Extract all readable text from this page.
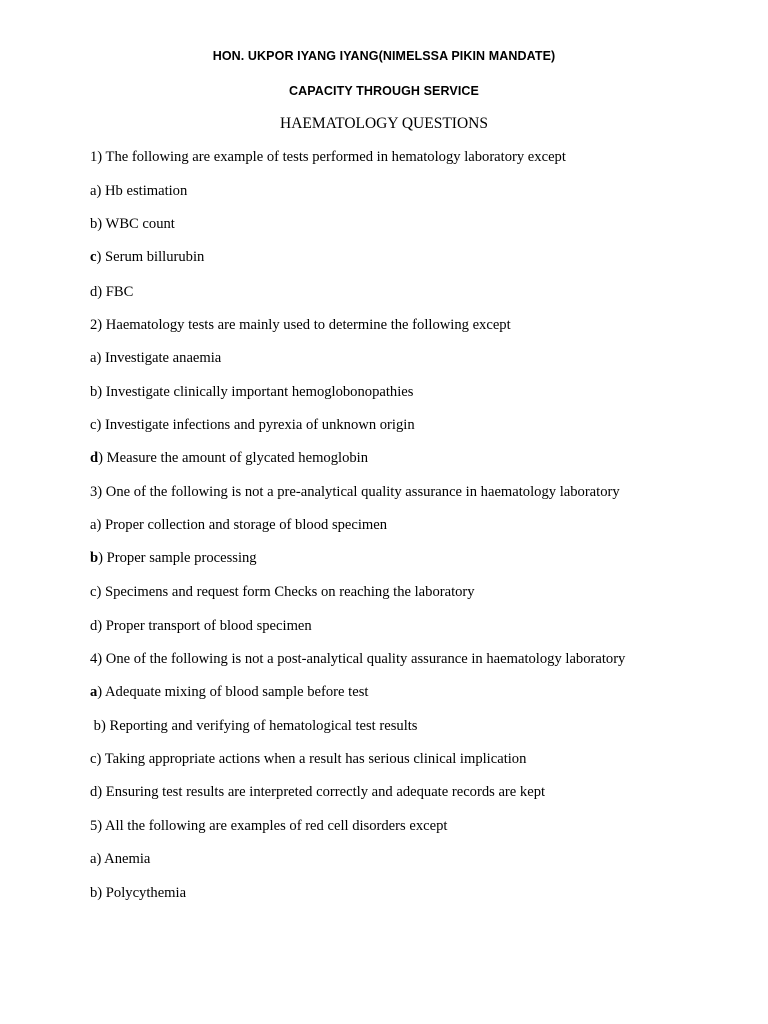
HON. UKPOR IYANG IYANG(NIMELSSA PIKIN MANDATE)
CAPACITY THROUGH SERVICE
HAEMATOLOGY QUESTIONS
1) The following are example of tests performed in hematology laboratory except
a) Hb estimation
b) WBC count
c) Serum billurubin
d) FBC
2) Haematology tests are mainly used to determine the following except
a) Investigate anaemia
b) Investigate clinically important hemoglobonopathies
c) Investigate infections and pyrexia of unknown origin
d) Measure the amount of glycated hemoglobin
3) One of the following is not a pre-analytical quality assurance in haematology laboratory
a) Proper collection and storage of blood specimen
b) Proper sample processing
c) Specimens and request form Checks on reaching the laboratory
d) Proper transport of blood specimen
4) One of the following is not a post-analytical quality assurance in haematology laboratory
a) Adequate mixing of blood sample before test
b) Reporting and verifying of hematological test results
c) Taking appropriate actions when a result has serious clinical implication
d) Ensuring test results are interpreted correctly and adequate records are kept
5) All the following are examples of red cell disorders except
a) Anemia
b) Polycythemia
